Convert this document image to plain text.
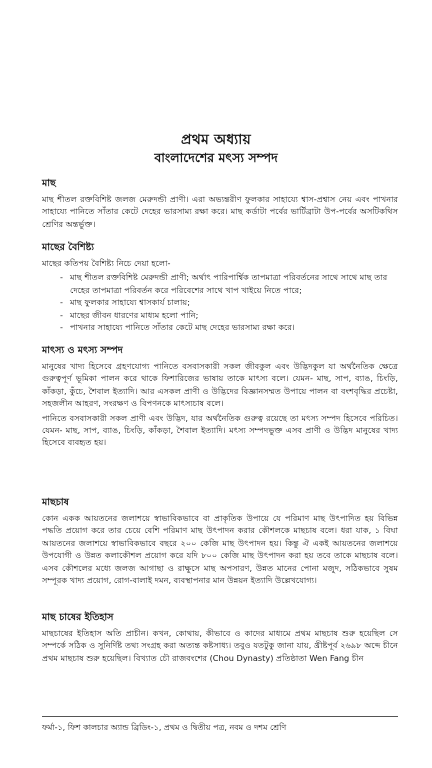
প্রথম অধ্যায়
বাংলাদেশের মৎস্য সম্পদ
মাছ

মাছ শীতল রক্তবিশিষ্ট জলজ মেরুদন্ডী প্রাণী। এরা অভ্যন্তরীণ ফুলকার সাহায্যে শ্বাস-প্রশ্বাস নেয় এবং পাখনার সাহায্যে পানিতে সাঁতার কেটে দেহের ভারসাম্য রক্ষা করে। মাছ কর্ডাটা পর্বের ভার্টিব্রাটা উপ-পর্বের অসটিকথিস শ্রেণির অন্তর্ভুক্ত।

মাছের বৈশিষ্ট্য

মাছের কতিপয় বৈশিষ্ট্য নিচে দেয়া হলো-

- মাছ শীতল রক্তবিশিষ্ট মেরুদন্ডী প্রাণী; অর্থাৎ পারিপার্শ্বিক তাপমাত্রা পরিবর্তনের সাথে সাথে মাছ তার দেহের তাপমাত্রা পরিবর্তন করে পরিবেশের সাথে খাপ খাইয়ে নিতে পারে;
- মাছ ফুলকার সাহায্যে শ্বাসকার্য চালায়;
- মাছের জীবন ধারণের মাধ্যম হলো পানি;
- পাখনার সাহায্যে পানিতে সাঁতার কেটে মাছ দেহের ভারসাম্য রক্ষা করে।
মাৎস্য ও মৎস্য সম্পদ

মানুষের খাদ্য হিসেবে গ্রহণযোগ্য পানিতে বসবাসকারী সকল জীবকুল এবং উদ্ভিদকুল যা অর্থনৈতিক ক্ষেত্রে গুরুত্বপূর্ণ ভূমিকা পালন করে থাকে ফিশারিজের ভাষায় তাকে মাৎস্য বলে। যেমন- মাছ, সাপ, ব্যাঙ, চিংড়ি, কাঁকড়া, কুঁচে, শৈবাল ইত্যাদি। আর এসকল প্রাণী ও উদ্ভিদের বিজ্ঞানসম্মত উপায়ে পালন বা বংশবৃদ্ধির প্রচেষ্টা, সহজলীন আহরণ, সংরক্ষণ ও বিপণনকে মাৎস্যচাষ বলে।

পানিতে বসবাসকারী সকল প্রাণী এবং উদ্ভিদ, যার অর্থনৈতিক গুরুত্ব রয়েছে তা মৎস্য সম্পদ হিসেবে পরিচিত। যেমন- মাছ, সাপ, ব্যাঙ, চিংড়ি, কাঁকড়া, শৈবাল ইত্যাদি। মৎস্য সম্পদভুক্ত এসব প্রাণী ও উদ্ভিদ মানুষের খাদ্য হিসেবে ব্যবহৃত হয়।

মাছচাষ

কোন একক আয়তনের জলাশয়ে স্বাভাবিকভাবে বা প্রাকৃতিক উপায়ে যে পরিমাণ মাছ উৎপাদিত হয় বিভিন্ন পদ্ধতি প্রয়োগ করে তার চেয়ে বেশি পরিমাণ মাছ উৎপাদন করার কৌশলকে মাছচাষ বলে। ধরা যাক, ১ বিঘা আয়তনের জলাশয়ে স্বাভাবিকভাবে বছরে ২০০ কেজি মাছ উৎপাদন হয়। কিন্তু ঐ একই আয়তনের জলাশয়ে উপযোগী ও উন্নত কলাকৌশল প্রয়োগ করে যদি ৮০০ কেজি মাছ উৎপাদন করা হয় তবে তাকে মাছচাষ বলে। এসব কৌশলের মধ্যে জলজ আগাছা ও রাক্ষুসে মাছ অপসারণ, উন্নত মানের পোনা মজুদ, সঠিকভাবে সুষম সম্পূরক খাদ্য প্রয়োগ, রোগ-বালাই দমন, ব্যবস্থাপনার মান উন্নয়ন ইত্যাদি উল্লেখযোগ্য।

মাছ চাষের ইতিহাস

মাছচাষের ইতিহাস অতি প্রাচীন। কখন, কোথায়, কীভাবে ও কাদের মাধ্যমে প্রথম মাছচাষ শুরু হয়েছিল সে সম্পর্কে সঠিক ও সুনির্দিষ্ট তথ্য সংগ্রহ করা অত্যন্ত কষ্টসাধ্য। তবুও যতটুকু জানা যায়, খ্রীষ্টপূর্ব ২৬৯৮ অব্দে চীনে প্রথম মাছচাষ শুরু হয়েছিল। বিখ্যাত চৌ রাজবংশের (Chou Dynasty) প্রতিষ্ঠাতা Wen Fang চীন

ফর্মা-১, ফিশ কালচার অ্যান্ড ব্রিডিং-১, প্রথম ও দ্বিতীয় পত্র, নবম ও দশম শ্রেণি
